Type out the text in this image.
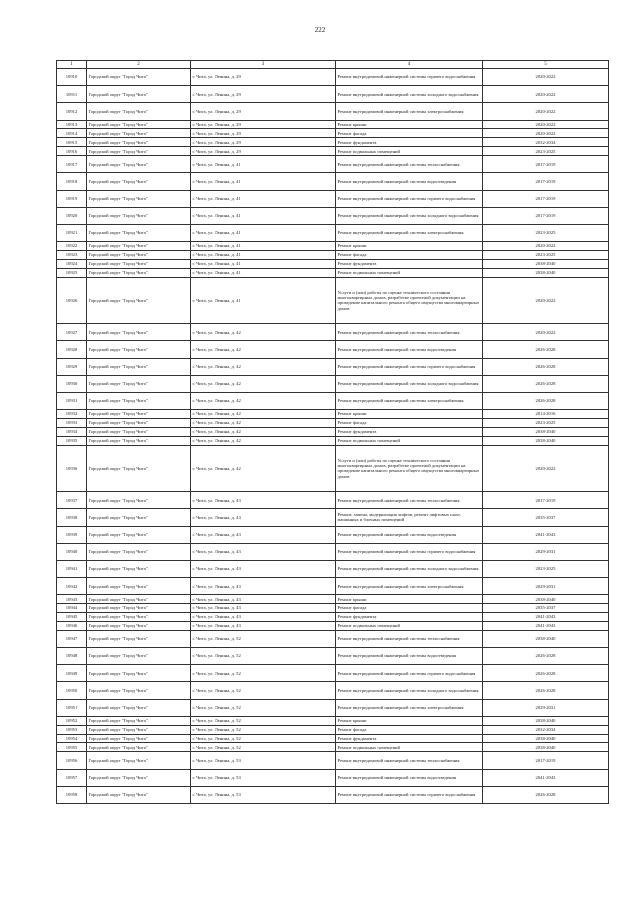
222
1	2	3	4	5
10910	Городской округ "Город Чита"	г. Чита, ул. Ленина, д. 29	Ремонт внутридомовой инженерной системы горячего водоснабжения	2020-2022
10911	Городской округ "Город Чита"	г. Чита, ул. Ленина, д. 29	Ремонт внутридомовой инженерной системы холодного водоснабжения	2020-2022
10912	Городской округ "Город Чита"	г. Чита, ул. Ленина, д. 29	Ремонт внутридомовой инженерной системы электроснабжения	2020-2022
10913	Городской округ "Город Чита"	г. Чита, ул. Ленина, д. 29	Ремонт крыши	2020-2022
10914	Городской округ "Город Чита"	г. Чита, ул. Ленина, д. 29	Ремонт фасада	2020-2022
10915	Городской округ "Город Чита"	г. Чита, ул. Ленина, д. 29	Ремонт фундамента	2032-2034
10916	Городской округ "Город Чита"	г. Чита, ул. Ленина, д. 29	Ремонт подвальных помещений	2023-2025
10917	Городской округ "Город Чита"	г. Чита, ул. Ленина, д. 41	Ремонт внутридомовой инженерной системы теплоснабжения	2017-2019
10918	Городской округ "Город Чита"	г. Чита, ул. Ленина, д. 41	Ремонт внутридомовой инженерной системы водоотведения	2017-2019
10919	Городской округ "Город Чита"	г. Чита, ул. Ленина, д. 41	Ремонт внутридомовой инженерной системы горячего водоснабжения	2017-2019
10920	Городской округ "Город Чита"	г. Чита, ул. Ленина, д. 41	Ремонт внутридомовой инженерной системы холодного водоснабжения	2017-2019
10921	Городской округ "Город Чита"	г. Чита, ул. Ленина, д. 41	Ремонт внутридомовой инженерной системы электроснабжения	2023-2025
10922	Городской округ "Город Чита"	г. Чита, ул. Ленина, д. 41	Ремонт крыши	2020-2022
10923	Городской округ "Город Чита"	г. Чита, ул. Ленина, д. 41	Ремонт фасада	2023-2025
10924	Городской округ "Город Чита"	г. Чита, ул. Ленина, д. 41	Ремонт фундамента	2038-2040
10925	Городской округ "Город Чита"	г. Чита, ул. Ленина, д. 41	Ремонт подвальных помещений	2038-2040
10926	Городской округ "Город Чита"	г. Чита, ул. Ленина, д. 41	Услуги и (или) работы по оценке технического состояния многоквартирных домов, разработке проектной документации на проведение капитального ремонта общего имущества многоквартирных домов	2020-2022
10927	Городской округ "Город Чита"	г. Чита, ул. Ленина, д. 42	Ремонт внутридомовой инженерной системы теплоснабжения	2020-2022
10928	Городской округ "Город Чита"	г. Чита, ул. Ленина, д. 42	Ремонт внутридомовой инженерной системы водоотведения	2026-2028
10929	Городской округ "Город Чита"	г. Чита, ул. Ленина, д. 42	Ремонт внутридомовой инженерной системы горячего водоснабжения	2026-2028
10930	Городской округ "Город Чита"	г. Чита, ул. Ленина, д. 42	Ремонт внутридомовой инженерной системы холодного водоснабжения	2026-2028
10931	Городской округ "Город Чита"	г. Чита, ул. Ленина, д. 42	Ремонт внутридомовой инженерной системы электроснабжения	2026-2028
10932	Городской округ "Город Чита"	г. Чита, ул. Ленина, д. 42	Ремонт крыши	2014-2016
10933	Городской округ "Город Чита"	г. Чита, ул. Ленина, д. 42	Ремонт фасада	2023-2025
10934	Городской округ "Город Чита"	г. Чита, ул. Ленина, д. 42	Ремонт фундамента	2038-2040
10935	Городской округ "Город Чита"	г. Чита, ул. Ленина, д. 42	Ремонт подвальных помещений	2038-2040
10936	Городской округ "Город Чита"	г. Чита, ул. Ленина, д. 42	Услуги и (или) работы по оценке технического состояния многоквартирных домов, разработке проектной документации на проведение капитального ремонта общего имущества многоквартирных домов	2020-2022
10937	Городской округ "Город Чита"	г. Чита, ул. Ленина, д. 43	Ремонт внутридомовой инженерной системы теплоснабжения	2017-2019
10938	Городской округ "Город Чита"	г. Чита, ул. Ленина, д. 43	Ремонт, замена, модернизация лифтов, ремонт лифтовых шахт, машинных и блочных помещений	2035-2037
10939	Городской округ "Город Чита"	г. Чита, ул. Ленина, д. 43	Ремонт внутридомовой инженерной системы водоотведения	2041-2043
10940	Городской округ "Город Чита"	г. Чита, ул. Ленина, д. 43	Ремонт внутридомовой инженерной системы горячего водоснабжения	2029-2031
10941	Городской округ "Город Чита"	г. Чита, ул. Ленина, д. 43	Ремонт внутридомовой инженерной системы холодного водоснабжения	2023-2025
10942	Городской округ "Город Чита"	г. Чита, ул. Ленина, д. 43	Ремонт внутридомовой инженерной системы электроснабжения	2029-2031
10943	Городской округ "Город Чита"	г. Чита, ул. Ленина, д. 43	Ремонт крыши	2038-2040
10944	Городской округ "Город Чита"	г. Чита, ул. Ленина, д. 43	Ремонт фасада	2035-2037
10945	Городской округ "Город Чита"	г. Чита, ул. Ленина, д. 43	Ремонт фундамента	2041-2043
10946	Городской округ "Город Чита"	г. Чита, ул. Ленина, д. 43	Ремонт подвальных помещений	2041-2043
10947	Городской округ "Город Чита"	г. Чита, ул. Ленина, д. 52	Ремонт внутридомовой инженерной системы теплоснабжения	2038-2040
10948	Городской округ "Город Чита"	г. Чита, ул. Ленина, д. 52	Ремонт внутридомовой инженерной системы водоотведения	2026-2028
10949	Городской округ "Город Чита"	г. Чита, ул. Ленина, д. 52	Ремонт внутридомовой инженерной системы горячего водоснабжения	2026-2028
10950	Городской округ "Город Чита"	г. Чита, ул. Ленина, д. 52	Ремонт внутридомовой инженерной системы холодного водоснабжения	2026-2028
10951	Городской округ "Город Чита"	г. Чита, ул. Ленина, д. 52	Ремонт внутридомовой инженерной системы электроснабжения	2029-2031
10952	Городской округ "Город Чита"	г. Чита, ул. Ленина, д. 52	Ремонт крыши	2038-2040
10953	Городской округ "Город Чита"	г. Чита, ул. Ленина, д. 52	Ремонт фасада	2032-2034
10954	Городской округ "Город Чита"	г. Чита, ул. Ленина, д. 52	Ремонт фундамента	2038-2040
10955	Городской округ "Город Чита"	г. Чита, ул. Ленина, д. 52	Ремонт подвальных помещений	2038-2040
10956	Городской округ "Город Чита"	г. Чита, ул. Ленина, д. 53	Ремонт внутридомовой инженерной системы теплоснабжения	2017-2019
10957	Городской округ "Город Чита"	г. Чита, ул. Ленина, д. 53	Ремонт внутридомовой инженерной системы водоотведения	2041-2043
10958	Городской округ "Город Чита"	г. Чита, ул. Ленина, д. 53	Ремонт внутридомовой инженерной системы горячего водоснабжения	2026-2028
